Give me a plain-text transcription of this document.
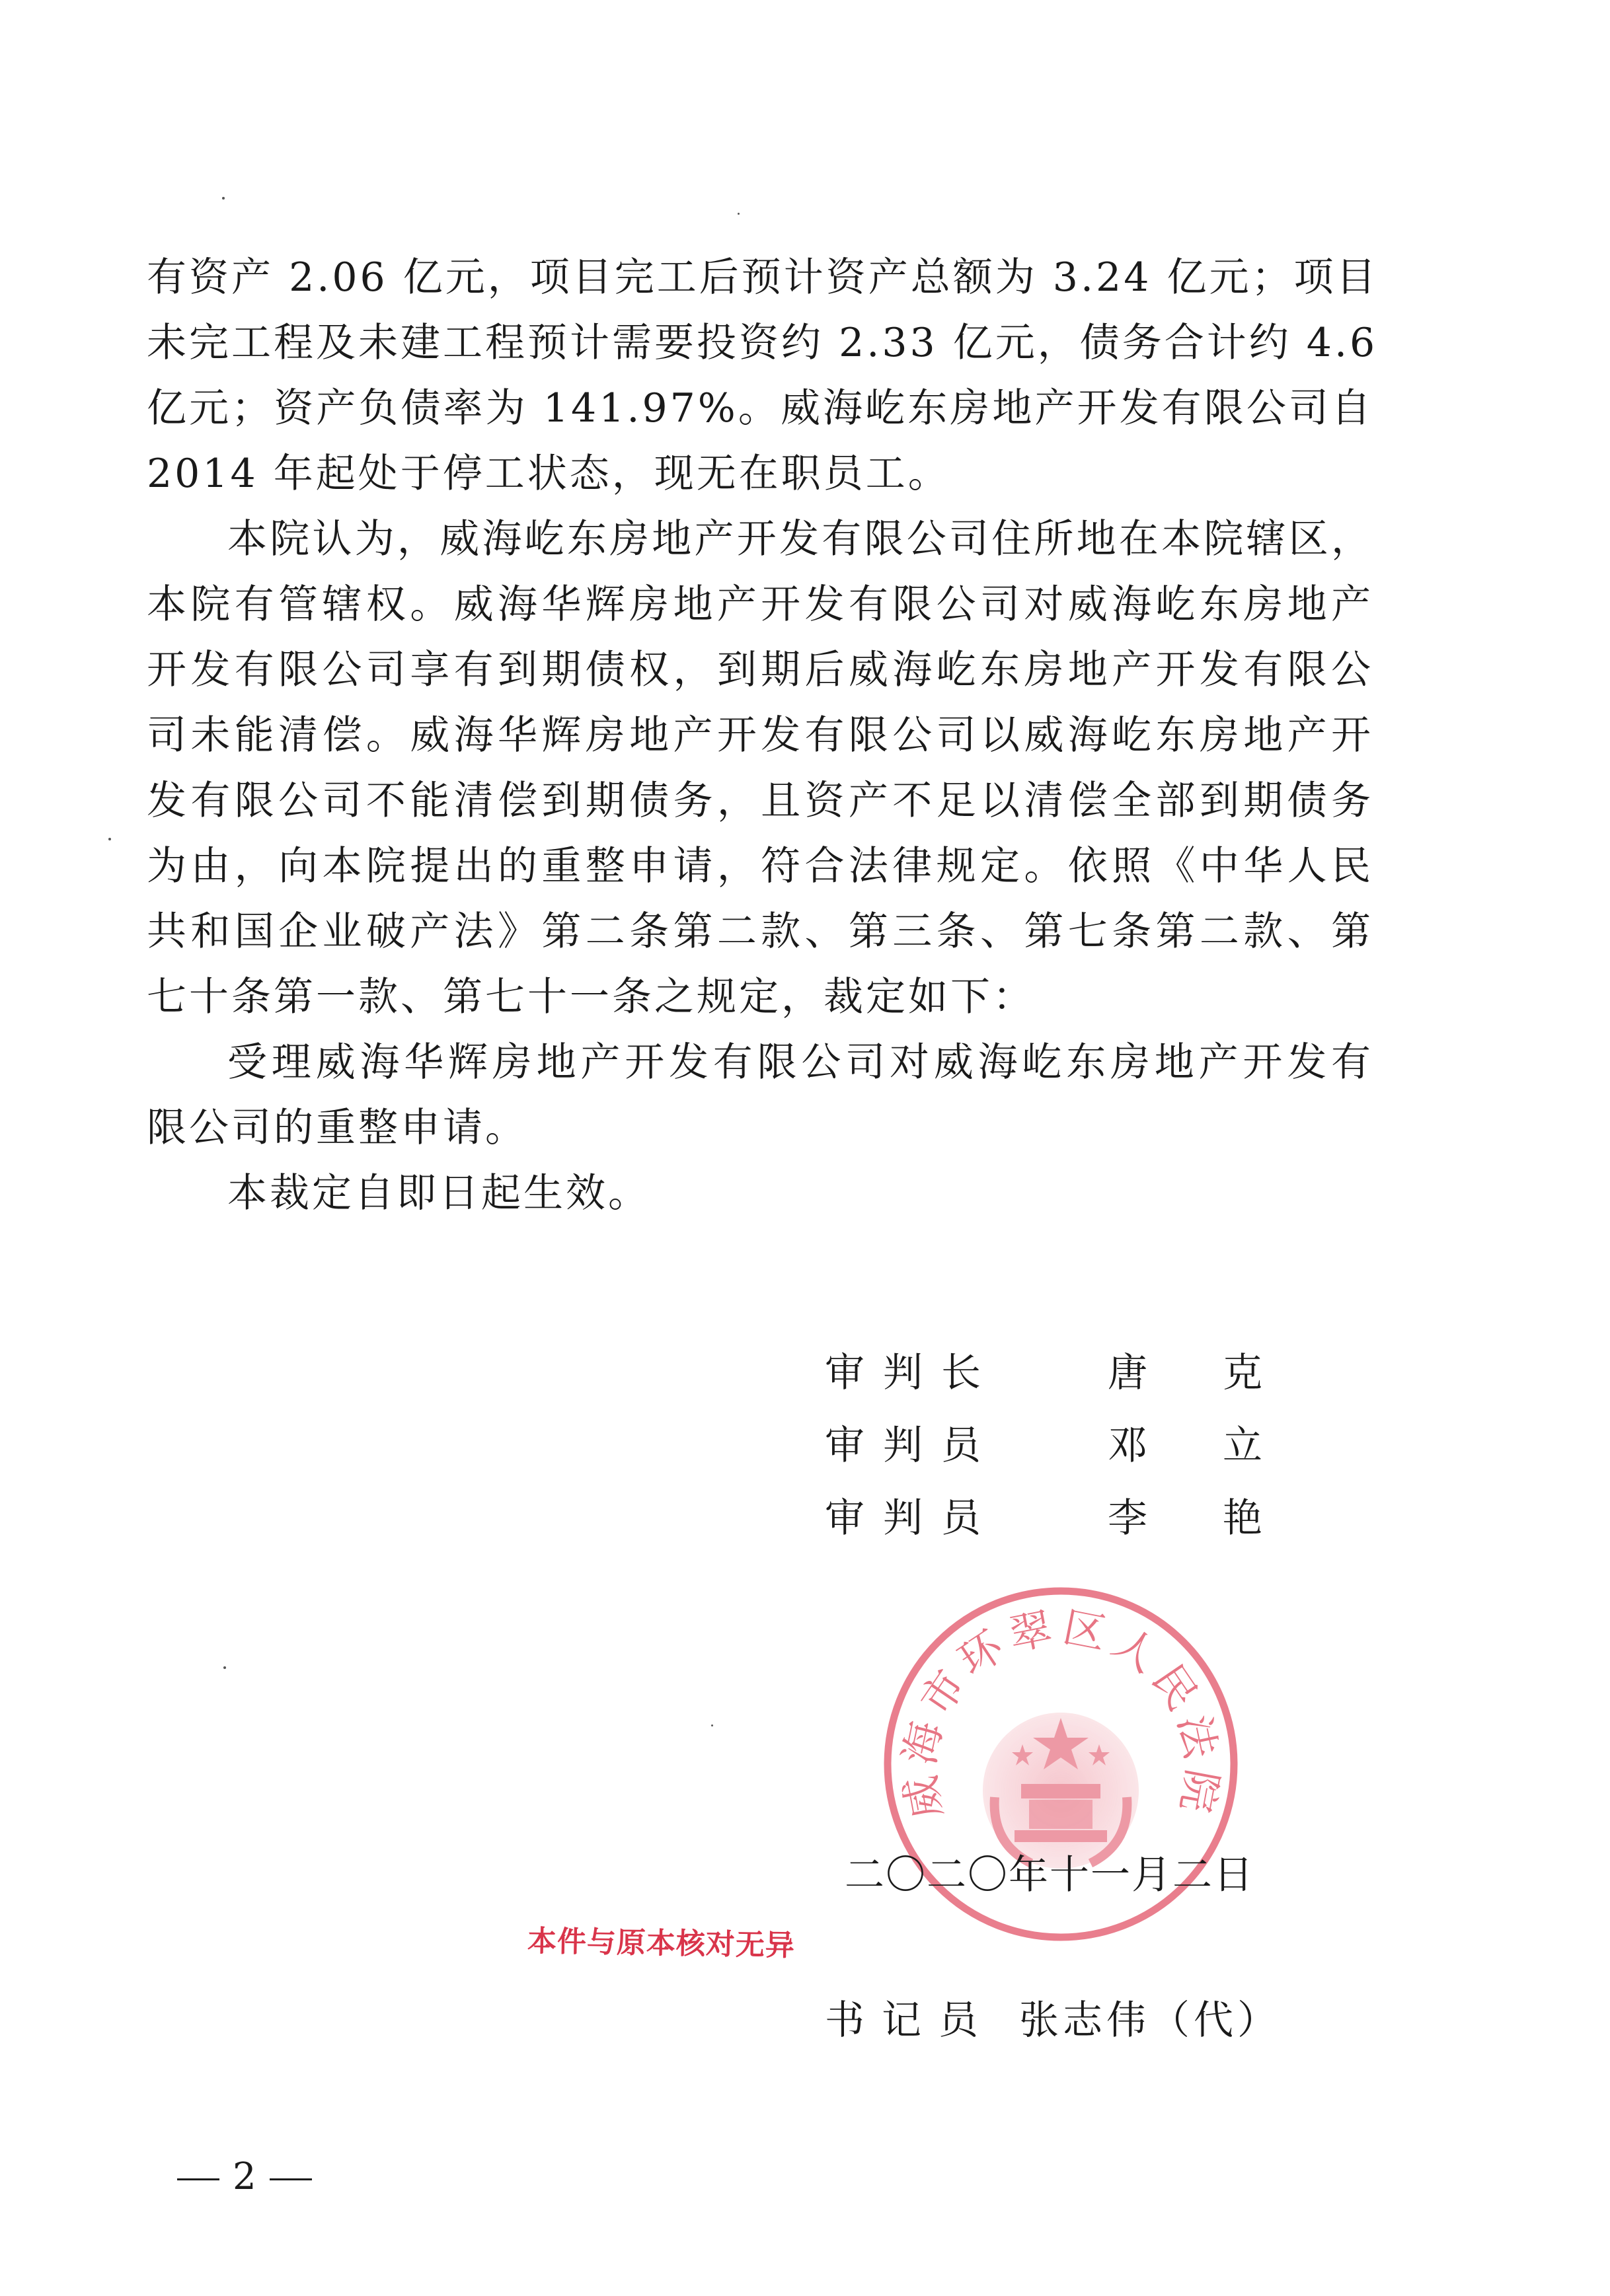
有资产 2.06 亿元，项目完工后预计资产总额为 3.24 亿元；项目
未完工程及未建工程预计需要投资约 2.33 亿元，债务合计约 4.6
亿元；资产负债率为 141.97%。威海屹东房地产开发有限公司自
2014 年起处于停工状态，现无在职员工。
本院认为，威海屹东房地产开发有限公司住所地在本院辖区，
本院有管辖权。威海华辉房地产开发有限公司对威海屹东房地产
开发有限公司享有到期债权，到期后威海屹东房地产开发有限公
司未能清偿。威海华辉房地产开发有限公司以威海屹东房地产开
发有限公司不能清偿到期债务，且资产不足以清偿全部到期债务
为由，向本院提出的重整申请，符合法律规定。依照《中华人民
共和国企业破产法》第二条第二款、第三条、第七条第二款、第
七十条第一款、第七十一条之规定，裁定如下：
受理威海华辉房地产开发有限公司对威海屹东房地产开发有
限公司的重整申请。
本裁定自即日起生效。
审判长	唐 克
审判员	邓 立
审判员	李 艳
威海市环翠区人民法院
二〇二〇年十一月二日
本件与原本核对无异
书记员 张志伟（代）
2
